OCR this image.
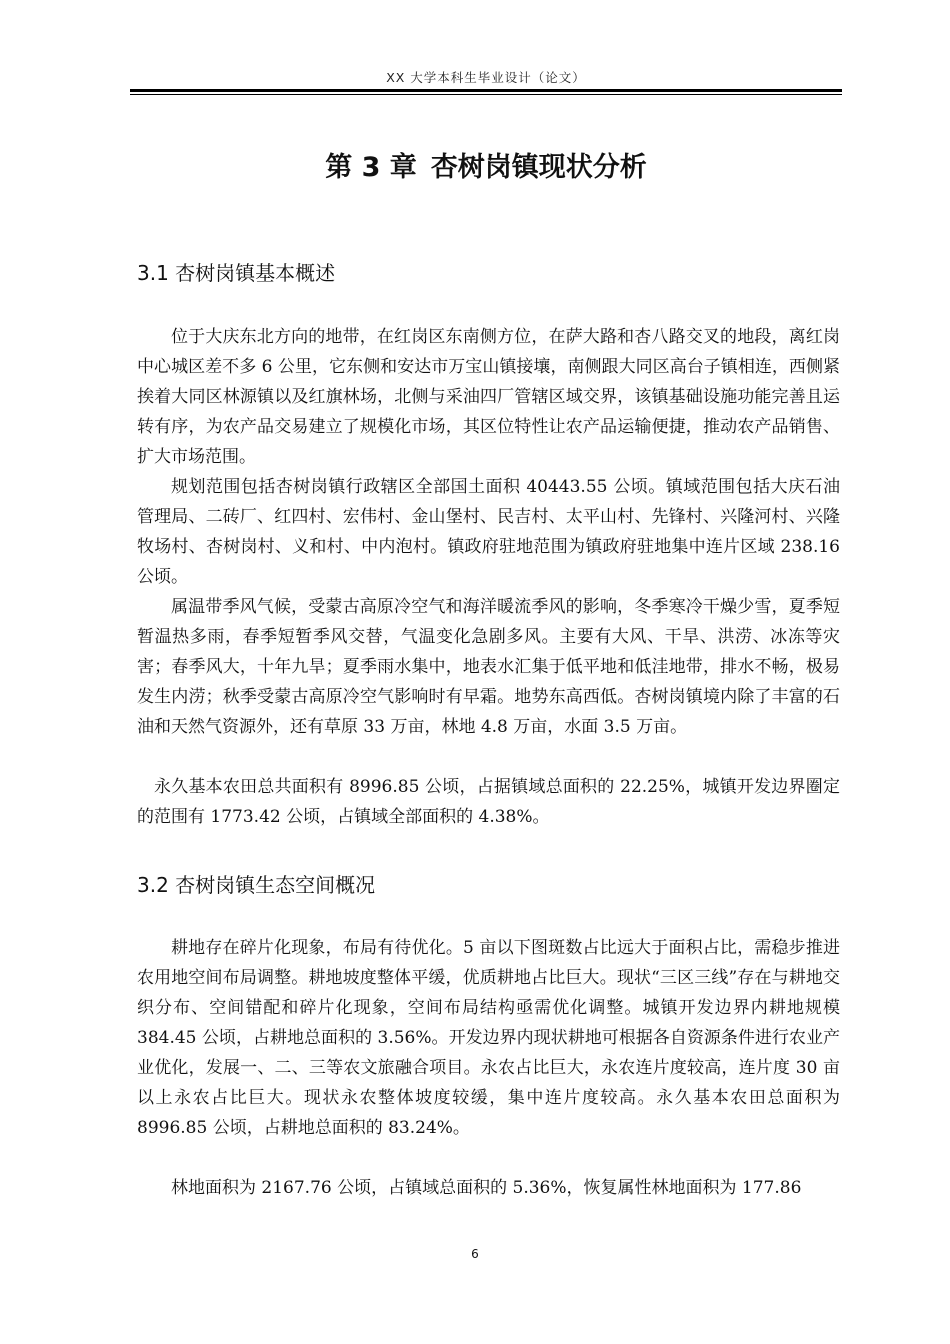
XX 大学本科生毕业设计（论文）
第 3 章 杏树岗镇现状分析
3.1 杏树岗镇基本概述

位于大庆东北方向的地带，在红岗区东南侧方位，在萨大路和杏八路交叉的地段，离红岗中心城区差不多 6 公里，它东侧和安达市万宝山镇接壤，南侧跟大同区高台子镇相连，西侧紧挨着大同区林源镇以及红旗林场，北侧与采油四厂管辖区域交界，该镇基础设施功能完善且运转有序，为农产品交易建立了规模化市场，其区位特性让农产品运输便捷，推动农产品销售、扩大市场范围。

规划范围包括杏树岗镇行政辖区全部国土面积 40443.55 公顷。镇域范围包括大庆石油管理局、二砖厂、红四村、宏伟村、金山堡村、民吉村、太平山村、先锋村、兴隆河村、兴隆牧场村、杏树岗村、义和村、中内泡村。镇政府驻地范围为镇政府驻地集中连片区域 238.16 公顷。

属温带季风气候，受蒙古高原冷空气和海洋暖流季风的影响，冬季寒冷干燥少雪，夏季短暂温热多雨，春季短暂季风交替，气温变化急剧多风。主要有大风、干旱、洪涝、冰冻等灾害；春季风大，十年九旱；夏季雨水集中，地表水汇集于低平地和低洼地带，排水不畅，极易发生内涝；秋季受蒙古高原冷空气影响时有早霜。地势东高西低。杏树岗镇境内除了丰富的石油和天然气资源外，还有草原 33 万亩，林地 4.8 万亩，水面 3.5 万亩。

永久基本农田总共面积有 8996.85 公顷，占据镇域总面积的 22.25%，城镇开发边界圈定的范围有 1773.42 公顷，占镇域全部面积的 4.38%。

3.2 杏树岗镇生态空间概况

耕地存在碎片化现象，布局有待优化。5 亩以下图斑数占比远大于面积占比，需稳步推进农用地空间布局调整。耕地坡度整体平缓，优质耕地占比巨大。现状“三区三线”存在与耕地交织分布、空间错配和碎片化现象，空间布局结构亟需优化调整。城镇开发边界内耕地规模 384.45 公顷，占耕地总面积的 3.56%。开发边界内现状耕地可根据各自资源条件进行农业产业优化，发展一、二、三等农文旅融合项目。永农占比巨大，永农连片度较高，连片度 30 亩以上永农占比巨大。现状永农整体坡度较缓，集中连片度较高。永久基本农田总面积为 8996.85 公顷，占耕地总面积的 83.24%。

林地面积为 2167.76 公顷，占镇域总面积的 5.36%，恢复属性林地面积为 177.86

6
